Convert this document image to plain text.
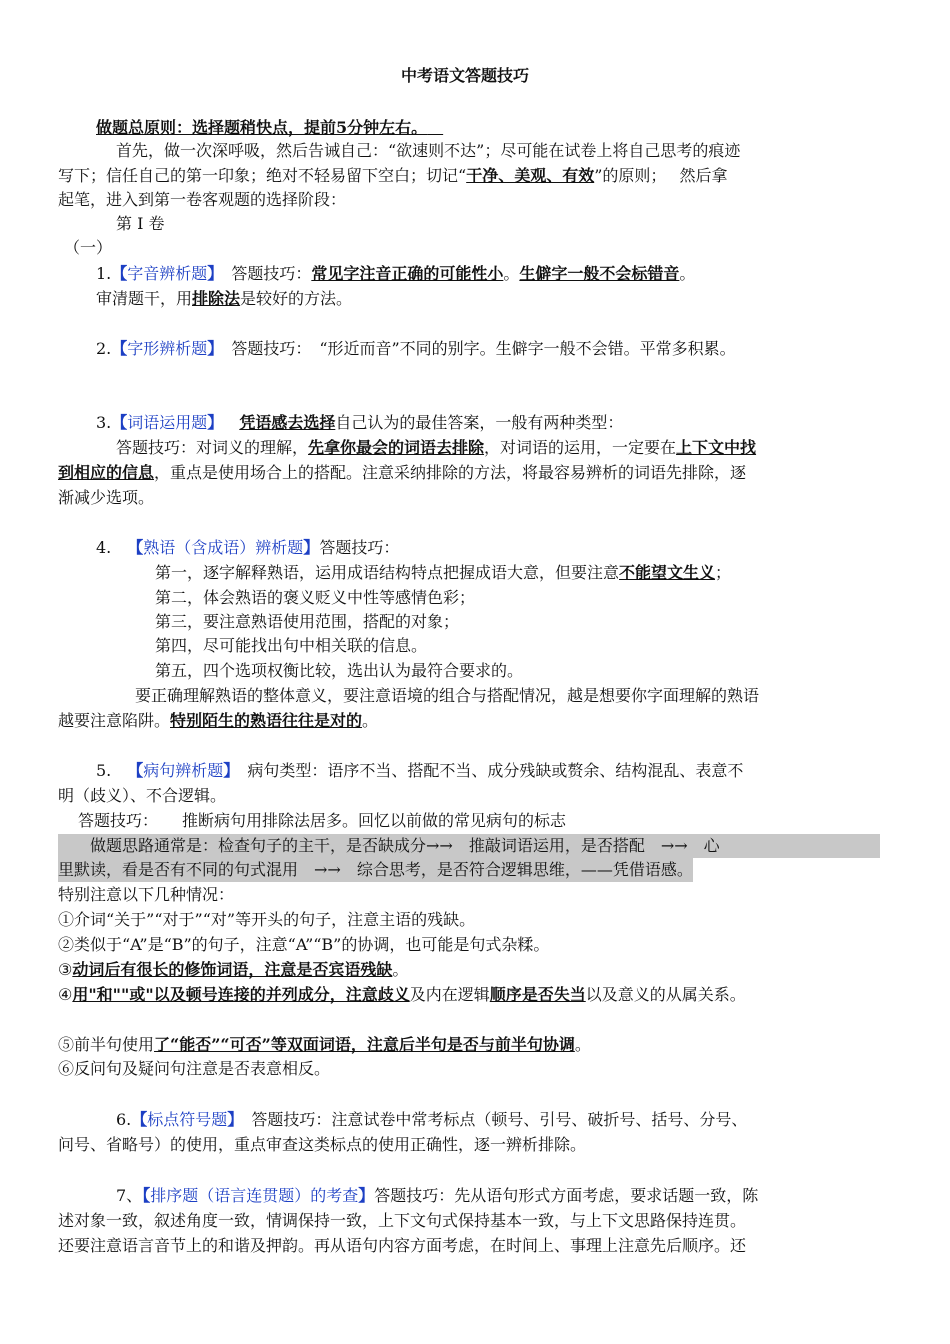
中考语文答题技巧
做题总原则：选择题稍快点，提前5分钟左右。 
首先，做一次深呼吸，然后告诫自己：“欲速则不达”；尽可能在试卷上将自己思考的痕迹
写下；信任自己的第一印象；绝对不轻易留下空白；切记“干净、美观、有效”的原则；　 然后拿
起笔，进入到第一卷客观题的选择阶段：
第 I 卷
（一）
1.【字音辨析题】　答题技巧：常见字注音正确的可能性小。生僻字一般不会标错音。
审清题干，用排除法是较好的方法。
2.【字形辨析题】　答题技巧：　“形近而音”不同的别字。生僻字一般不会错。平常多积累。
3.【词语运用题】  凭语感去选择自己认为的最佳答案，一般有两种类型：
答题技巧：对词义的理解，先拿你最会的词语去排除，对词语的运用，一定要在上下文中找
到相应的信息，重点是使用场合上的搭配。注意采纳排除的方法，将最容易辨析的词语先排除，逐
渐减少选项。
4.  【熟语（含成语）辨析题】答题技巧：
第一，逐字解释熟语，运用成语结构特点把握成语大意，但要注意不能望文生义；
第二，体会熟语的褒义贬义中性等感情色彩；
第三，要注意熟语使用范围，搭配的对象；
第四，尽可能找出句中相关联的信息。
第五，四个选项权衡比较，选出认为最符合要求的。
要正确理解熟语的整体意义，要注意语境的组合与搭配情况，越是想要你字面理解的熟语
越要注意陷阱。特别陌生的熟语往往是对的。
5.  【病句辨析题】　病句类型：语序不当、搭配不当、成分残缺或赘余、结构混乱、表意不
明（歧义）、不合逻辑。
答题技巧：　　推断病句用排除法居多。回忆以前做的常见病句的标志
　　做题思路通常是：检查句子的主干，是否缺成分→→　推敲词语运用，是否搭配　→→　心
里默读，看是否有不同的句式混用　→→　综合思考，是否符合逻辑思维，——凭借语感。
特别注意以下几种情况：
①介词“关于”“对于”“对”等开头的句子，注意主语的残缺。
②类似于“A”是“B”的句子，注意“A”“B”的协调，也可能是句式杂糅。
③动词后有很长的修饰词语，注意是否宾语残缺。
④用"和""或"以及顿号连接的并列成分，注意歧义及内在逻辑顺序是否失当以及意义的从属关系。
⑤前半句使用了“能否”“可否”等双面词语，注意后半句是否与前半句协调。
⑥反问句及疑问句注意是否表意相反。
6.【标点符号题】　答题技巧：注意试卷中常考标点（顿号、引号、破折号、括号、分号、
问号、省略号）的使用，重点审查这类标点的使用正确性，逐一辨析排除。
7、【排序题（语言连贯题）的考查】答题技巧：先从语句形式方面考虑，要求话题一致，陈
述对象一致，叙述角度一致，情调保持一致，上下文句式保持基本一致，与上下文思路保持连贯。
还要注意语言音节上的和谐及押韵。再从语句内容方面考虑，在时间上、事理上注意先后顺序。还
